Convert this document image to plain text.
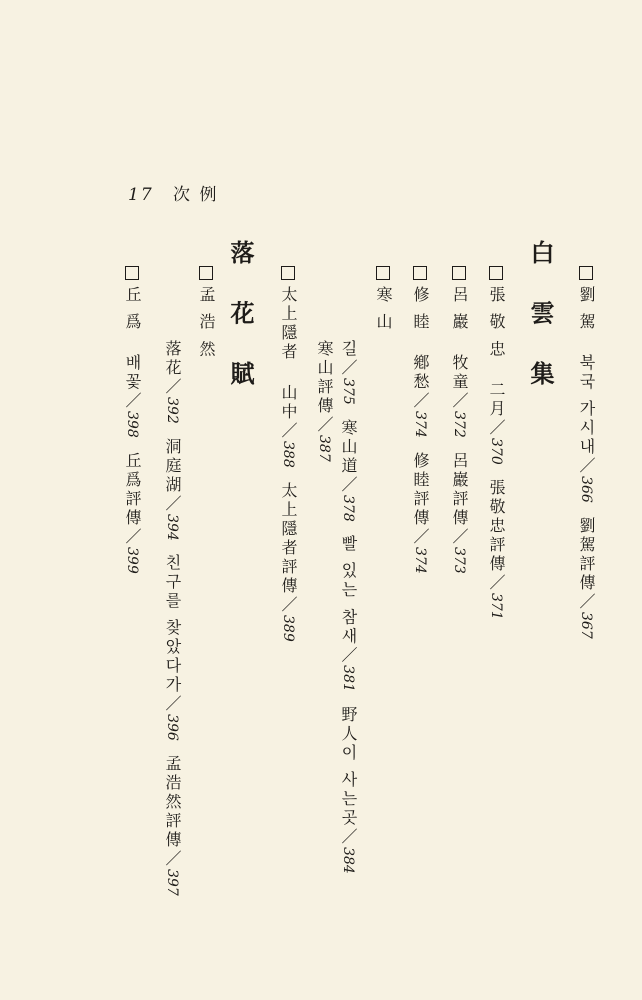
17 次 例
劉 駕북국 가시내／366劉駕評傳／367
白 雲 集
張 敬 忠二月／370張敬忠評傳／371
呂 巖牧童／372呂巖評傳／373
修 睦鄕愁／374修睦評傳／374
寒 山
길／375寒山道／378빨 있는 참새／381野人이 사는곳／384
寒山評傳／387
太上隱者山中／388太上隱者評傳／389
落 花 賦
孟 浩 然
落花／392洞庭湖／394친구를 찾았다가／396孟浩然評傳／397
丘 爲배꽃／398丘爲評傳／399
